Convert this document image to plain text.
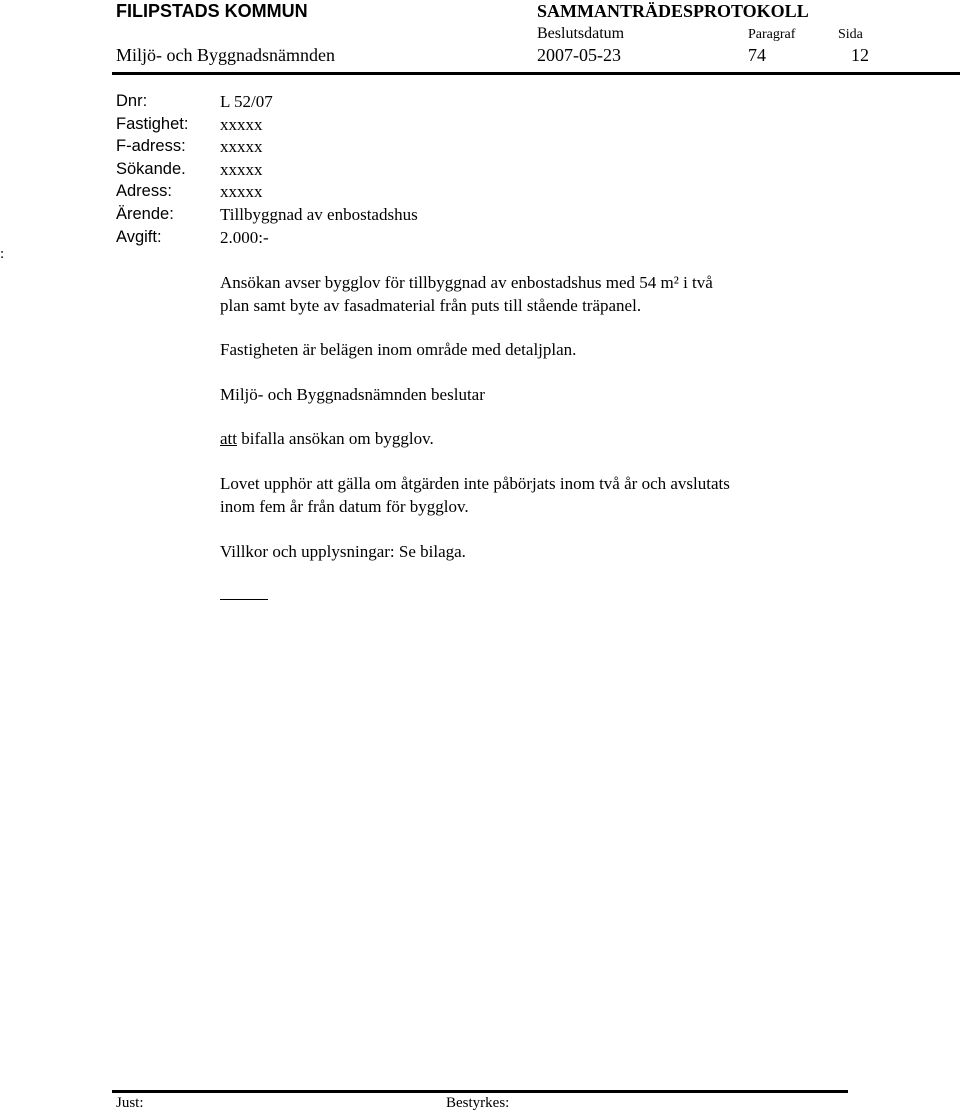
FILIPSTADS KOMMUN	SAMMANTRÄDESPROTOKOLL
Beslutsdatum	Paragraf	Sida
Miljö- och Byggnadsnämnden	2007-05-23	74	12
:
Dnr:	L 52/07
Fastighet: xxxxx
F-adress: xxxxx
Sökande. xxxxx
Adress:	xxxxx
Ärende:	Tillbyggnad av enbostadshus
Avgift:	2.000:-
Ansökan avser bygglov för tillbyggnad av enbostadshus med 54 m² i två
plan samt byte av fasadmaterial från puts till stående träpanel.
Fastigheten är belägen inom område med detaljplan.
Miljö- och Byggnadsnämnden beslutar
att bifalla ansökan om bygglov.
Lovet upphör att gälla om åtgärden inte påbörjats inom två år och avslutats
inom fem år från datum för bygglov.
Villkor och upplysningar: Se bilaga.
Just:	Bestyrkes:
